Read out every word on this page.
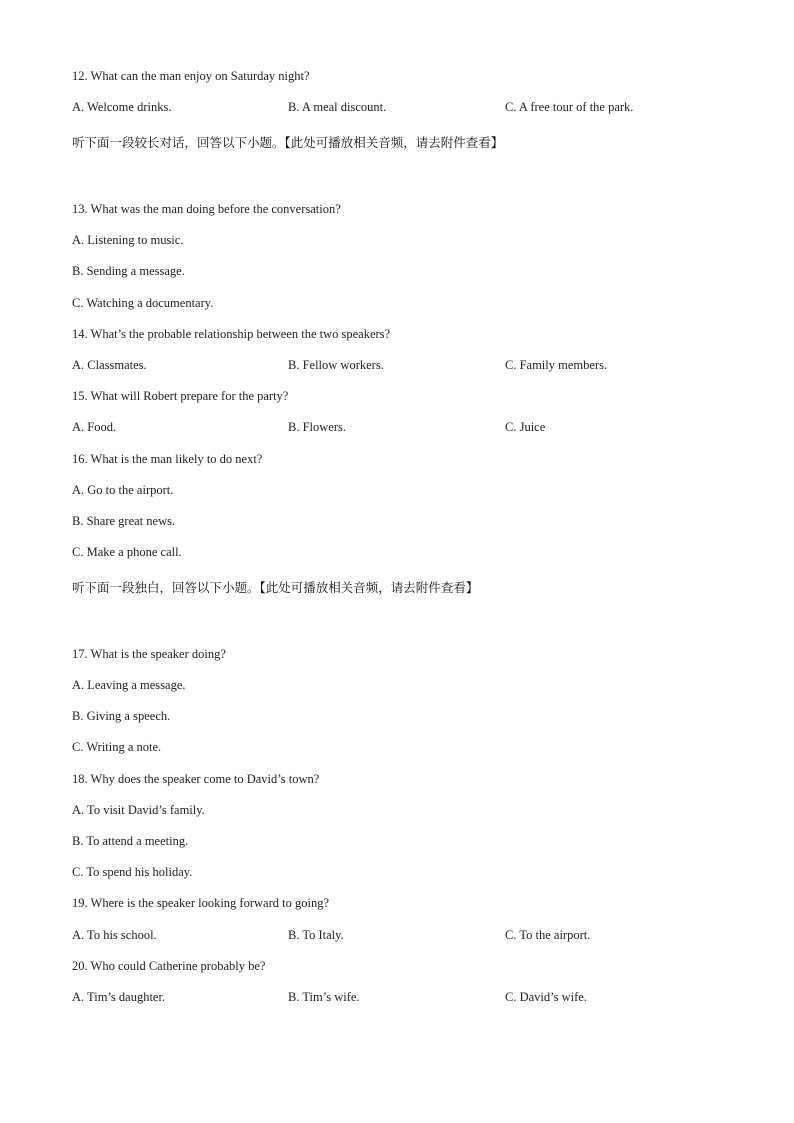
12. What can the man enjoy on Saturday night?
A. Welcome drinks.	B. A meal discount.	C. A free tour of the park.
听下面一段较长对话，回答以下小题。【此处可播放相关音频，请去附件查看】
13. What was the man doing before the conversation?
A. Listening to music.
B. Sending a message.
C. Watching a documentary.
14. What’s the probable relationship between the two speakers?
A. Classmates.	B. Fellow workers.	C. Family members.
15. What will Robert prepare for the party?
A. Food.	B. Flowers.	C. Juice
16. What is the man likely to do next?
A. Go to the airport.
B. Share great news.
C. Make a phone call.
听下面一段独白，回答以下小题。【此处可播放相关音频，请去附件查看】
17. What is the speaker doing?
A. Leaving a message.
B. Giving a speech.
C. Writing a note.
18. Why does the speaker come to David’s town?
A. To visit David’s family.
B. To attend a meeting.
C. To spend his holiday.
19. Where is the speaker looking forward to going?
A. To his school.	B. To Italy.	C. To the airport.
20. Who could Catherine probably be?
A. Tim’s daughter.	B. Tim’s wife.	C. David’s wife.
